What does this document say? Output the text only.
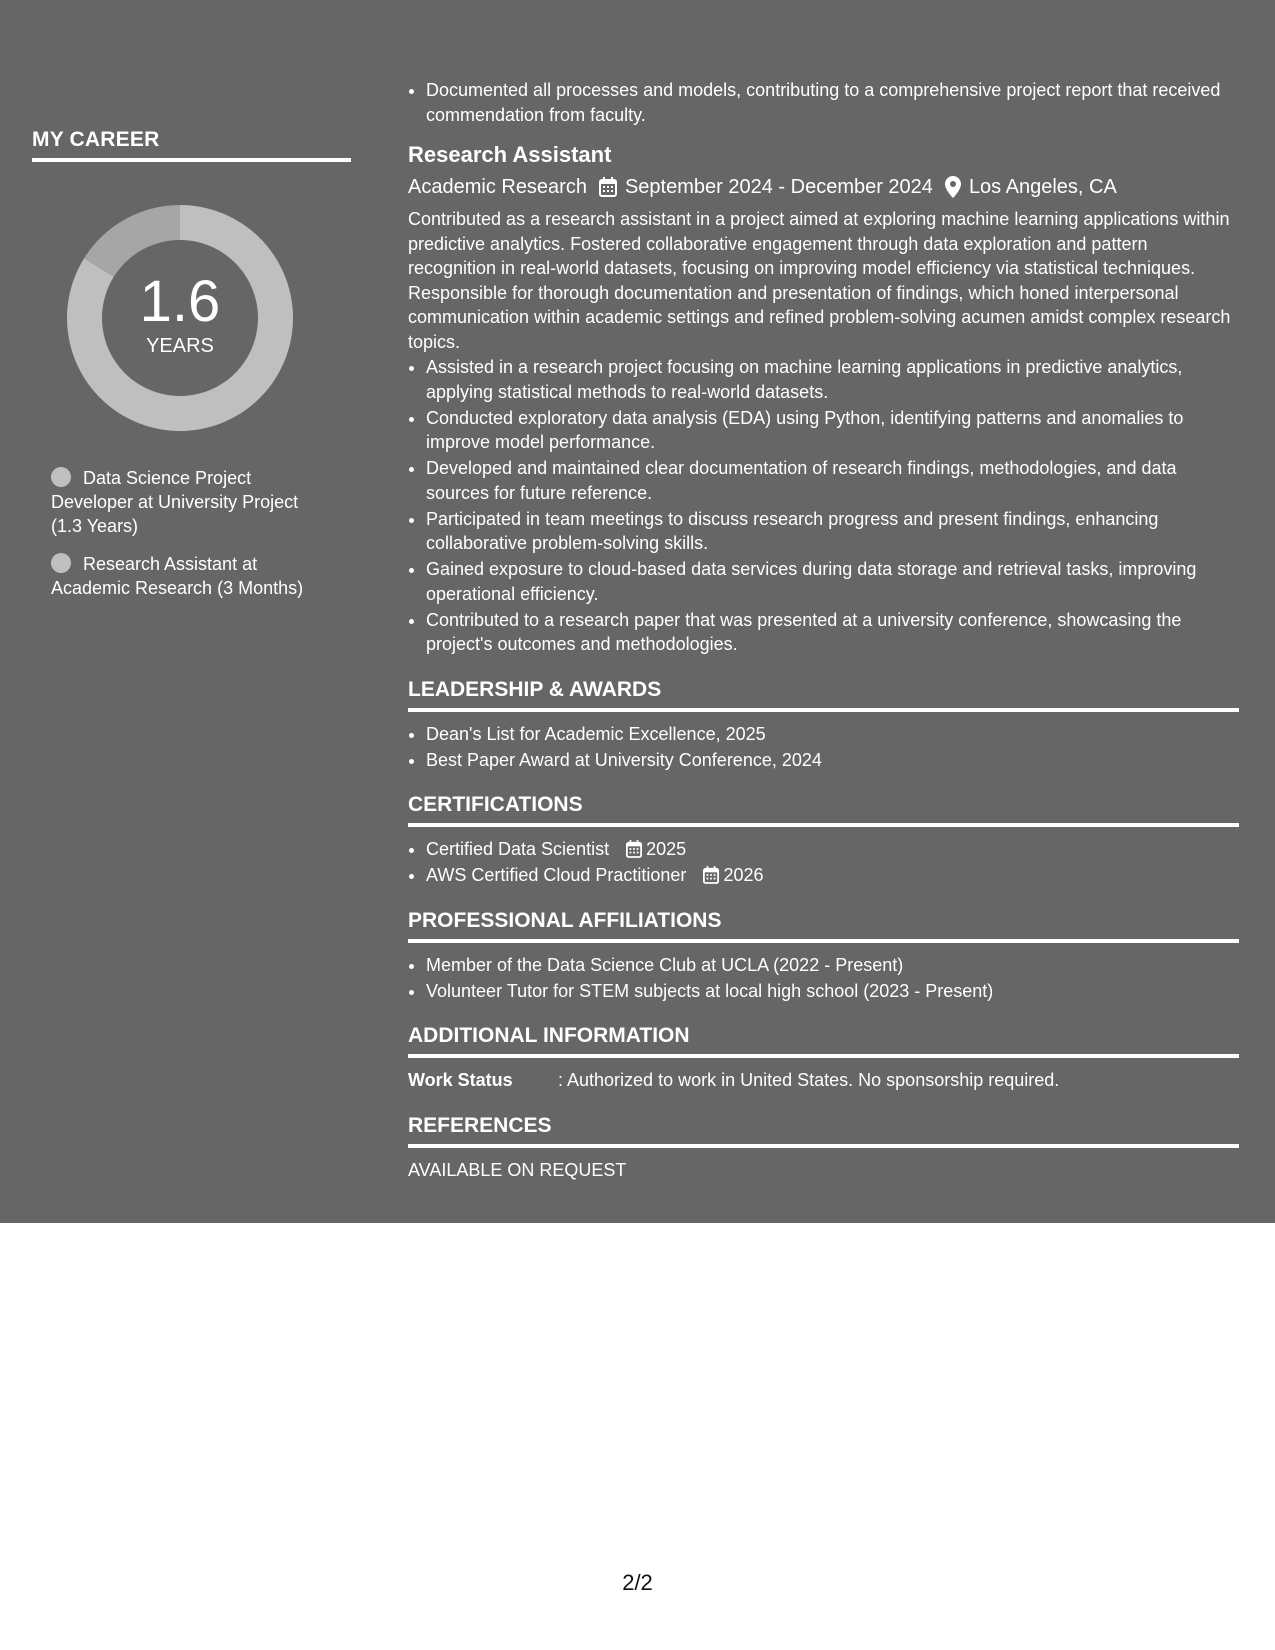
MY CAREER
1.6
YEARS
Data Science Project Developer at University Project (1.3 Years)
Research Assistant at Academic Research (3 Months)
• Documented all processes and models, contributing to a comprehensive project report that received commendation from faculty.
Research Assistant
Academic Research September 2024 - December 2024 Los Angeles, CA

Contributed as a research assistant in a project aimed at exploring machine learning applications within predictive analytics. Fostered collaborative engagement through data exploration and pattern recognition in real-world datasets, focusing on improving model efficiency via statistical techniques. Responsible for thorough documentation and presentation of findings, which honed interpersonal communication within academic settings and refined problem-solving acumen amidst complex research topics.

• Assisted in a research project focusing on machine learning applications in predictive analytics, applying statistical methods to real-world datasets.
• Conducted exploratory data analysis (EDA) using Python, identifying patterns and anomalies to improve model performance.
• Developed and maintained clear documentation of research findings, methodologies, and data sources for future reference.
• Participated in team meetings to discuss research progress and present findings, enhancing collaborative problem-solving skills.
• Gained exposure to cloud-based data services during data storage and retrieval tasks, improving operational efficiency.
• Contributed to a research paper that was presented at a university conference, showcasing the project's outcomes and methodologies.
LEADERSHIP & AWARDS
• Dean's List for Academic Excellence, 2025
• Best Paper Award at University Conference, 2024
CERTIFICATIONS
• Certified Data Scientist 2025
• AWS Certified Cloud Practitioner 2026
PROFESSIONAL AFFILIATIONS
• Member of the Data Science Club at UCLA (2022 - Present)
• Volunteer Tutor for STEM subjects at local high school (2023 - Present)
ADDITIONAL INFORMATION
Work Status	: Authorized to work in United States. No sponsorship required.
REFERENCES
AVAILABLE ON REQUEST
2/2
